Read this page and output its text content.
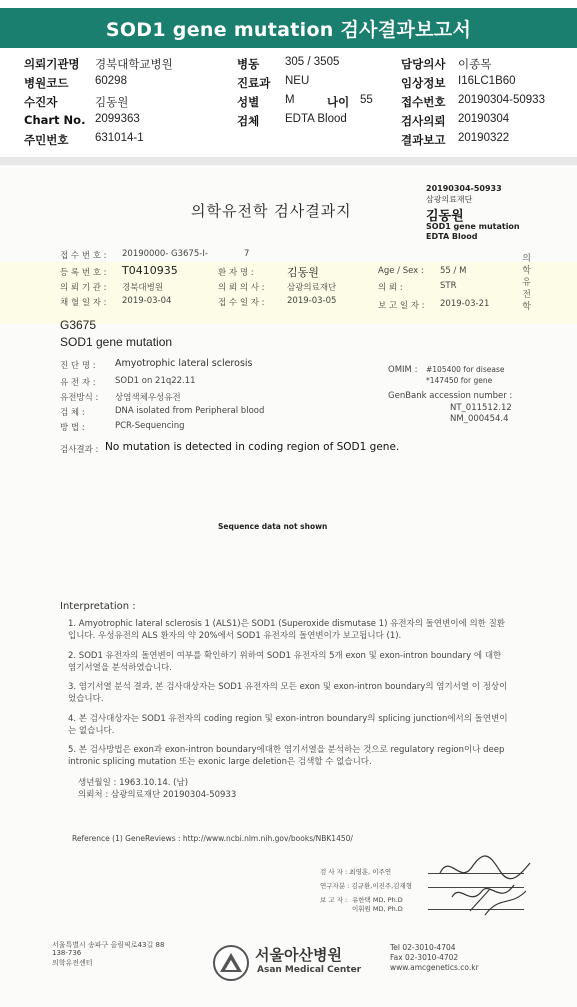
SOD1 gene mutation 검사결과보고서
의뢰기관명 경북대학교병원	병동 305 / 3505	담당의사 이종목
병원코드 60298	진료과 NEU	임상정보 I16LC1B60
수진자	김동원	성별 M	나이 55 접수번호 20190304-50933
Chart No. 2099363	검체 EDTA Blood	검사의뢰 20190304
주민번호 631014-1	결과보고 20190322
20190304-50933
삼광의료재단
김동원
SOD1 gene mutation
EDTA Blood
의학유전학 검사결과지
의
학
유
전
학
접 수 번 호 : 20190000- G3675-I-	7
등 록 번 호 : T0410935	환 자 명 :	김동원	Age / Sex : 55 / M
의 뢰 기 관 : 경북대병원	의 뢰 의 사 :	삼광의료재단	의 뢰 :	STR
채 혈 일 자 : 2019-03-04	접 수 일 자 :	2019-03-05	보 고 일 자 : 2019-03-21
G3675
SOD1 gene mutation
진 단 명 : Amyotrophic lateral sclerosis
유 전 자 : SOD1 on 21q22.11
유전방식 : 상염색체우성유전
검 체 :	DNA isolated from Peripheral blood
방 법 :	PCR-Sequencing
OMIM : #105400 for disease
*147450 for gene
GenBank accession number :
NT_011512.12
NM_000454.4
검사결과 : No mutation is detected in coding region of SOD1 gene.
Sequence data not shown
Interpretation :
1. Amyotrophic lateral sclerosis 1 (ALS1)은 SOD1 (Superoxide dismutase 1) 유전자의 돌연변이에 의한 질환입니다. 우성유전의 ALS 환자의 약 20%에서 SOD1 유전자의 돌연변이가 보고됩니다 (1).
2. SOD1 유전자의 돌연변이 여부를 확인하기 위하여 SOD1 유전자의 5개 exon 및 exon-intron boundary 에 대한 염기서열을 분석하였습니다.
3. 염기서열 분석 결과, 본 검사대상자는 SOD1 유전자의 모든 exon 및 exon-intron boundary의 염기서열 이 정상이었습니다.
4. 본 검사대상자는 SOD1 유전자의 coding region 및 exon-intron boundary의 splicing junction에서의 돌연변이는 없습니다.
5. 본 검사방법은 exon과 exon-intron boundary에대한 염기서열을 분석하는 것으로 regulatory region이나 deep intronic splicing mutation 또는 exonic large deletion은 검색할 수 없습니다.
생년월일 : 1963.10.14. (남)
의뢰처 : 삼광의료재단 20190304-50933
Reference (1) GeneReviews : http://www.ncbi.nlm.nih.gov/books/NBK1450/
검 사 자 : 최영훈, 이주연
연구자분 : 김규환,이진주,김재형
보 고 자 : 유한택 MD, Ph.D
이휘원 MD, Ph.D
서울특별시 송파구 올림픽로43길 88
138-736
의학유전센터	서울아산병원
Asan Medical Center
Tel 02-3010-4704
Fax 02-3010-4702
www.amcgenetics.co.kr
